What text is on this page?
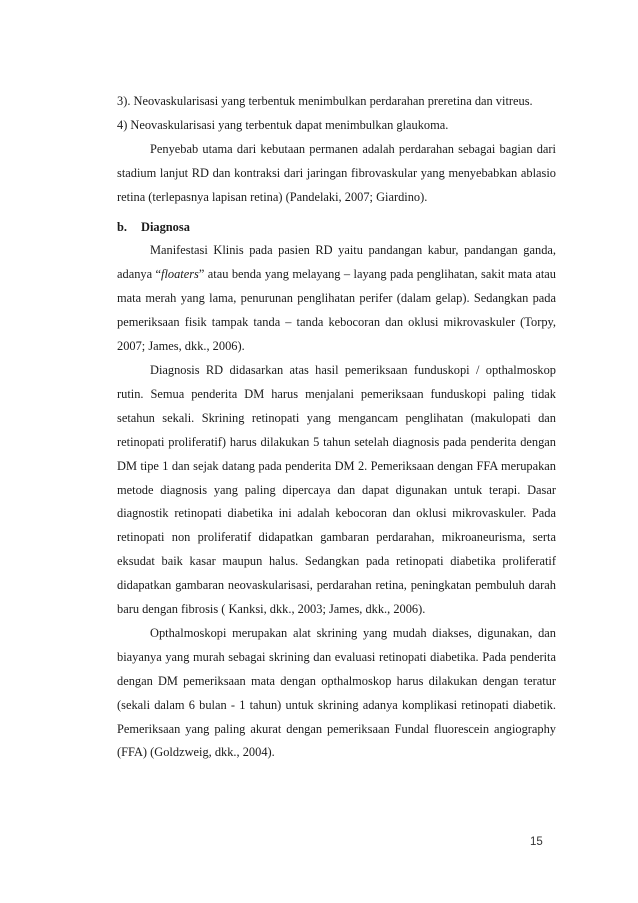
3). Neovaskularisasi yang terbentuk menimbulkan perdarahan preretina dan vitreus.

4) Neovaskularisasi yang terbentuk dapat menimbulkan glaukoma.

Penyebab utama dari kebutaan permanen adalah perdarahan sebagai bagian dari stadium lanjut RD dan kontraksi dari jaringan fibrovaskular yang menyebabkan ablasio retina (terlepasnya lapisan retina) (Pandelaki, 2007; Giardino).

b. Diagnosa

Manifestasi Klinis pada pasien RD yaitu pandangan kabur, pandangan ganda, adanya “floaters” atau benda yang melayang – layang pada penglihatan, sakit mata atau mata merah yang lama, penurunan penglihatan perifer (dalam gelap). Sedangkan pada pemeriksaan fisik tampak tanda – tanda kebocoran dan oklusi mikrovaskuler (Torpy, 2007; James, dkk., 2006).

Diagnosis RD didasarkan atas hasil pemeriksaan funduskopi / opthalmoskop rutin. Semua penderita DM harus menjalani pemeriksaan funduskopi paling tidak setahun sekali. Skrining retinopati yang mengancam penglihatan (makulopati dan retinopati proliferatif) harus dilakukan 5 tahun setelah diagnosis pada penderita dengan DM tipe 1 dan sejak datang pada penderita DM 2. Pemeriksaan dengan FFA merupakan metode diagnosis yang paling dipercaya dan dapat digunakan untuk terapi. Dasar diagnostik retinopati diabetika ini adalah kebocoran dan oklusi mikrovaskuler. Pada retinopati non proliferatif didapatkan gambaran perdarahan, mikroaneurisma, serta eksudat baik kasar maupun halus. Sedangkan pada retinopati diabetika proliferatif didapatkan gambaran neovaskularisasi, perdarahan retina, peningkatan pembuluh darah baru dengan fibrosis ( Kanksi, dkk., 2003; James, dkk., 2006).

Opthalmoskopi merupakan alat skrining yang mudah diakses, digunakan, dan biayanya yang murah sebagai skrining dan evaluasi retinopati diabetika. Pada penderita dengan DM pemeriksaan mata dengan opthalmoskop harus dilakukan dengan teratur (sekali dalam 6 bulan - 1 tahun) untuk skrining adanya komplikasi retinopati diabetik. Pemeriksaan yang paling akurat dengan pemeriksaan Fundal fluorescein angiography (FFA) (Goldzweig, dkk., 2004).

15
